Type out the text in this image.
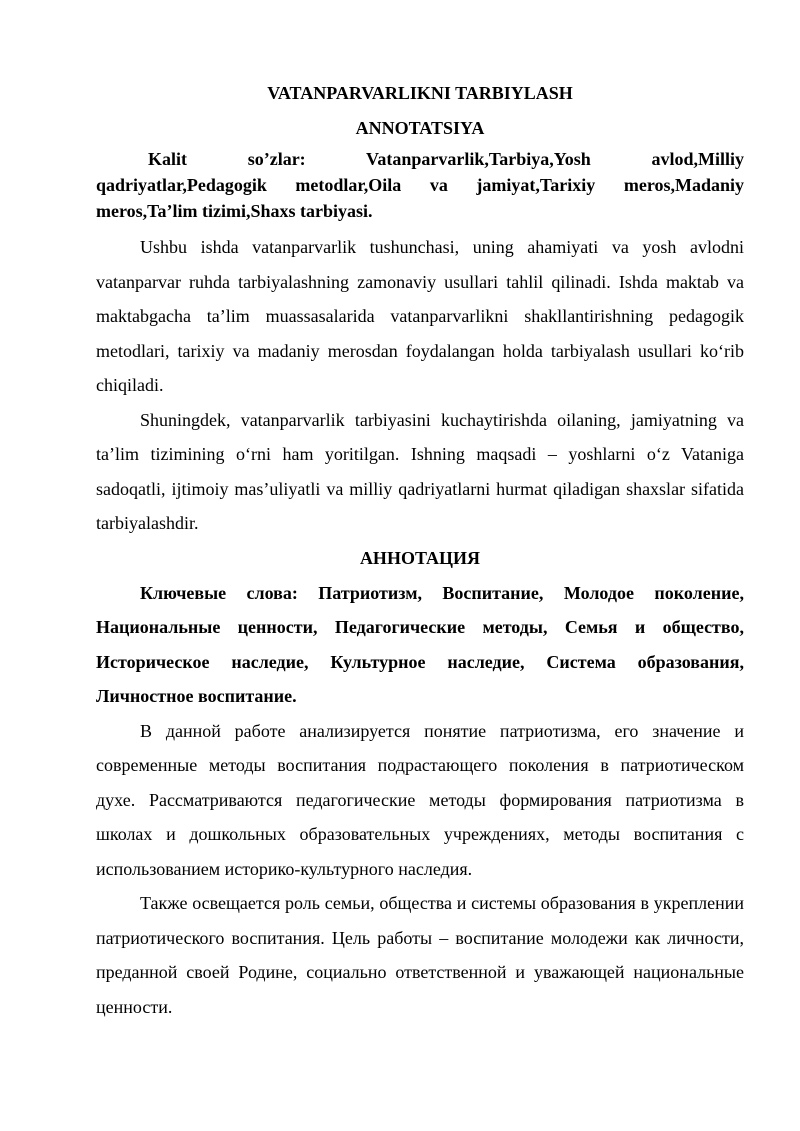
VATANPARVARLIKNI TARBIYLASH
ANNOTATSIYA

Kalit so’zlar: Vatanparvarlik,Tarbiya,Yosh avlod,Milliy qadriyatlar,Pedagogik metodlar,Oila va jamiyat,Tarixiy meros,Madaniy meros,Ta’lim tizimi,Shaxs tarbiyasi.

Ushbu ishda vatanparvarlik tushunchasi, uning ahamiyati va yosh avlodni vatanparvar ruhda tarbiyalashning zamonaviy usullari tahlil qilinadi. Ishda maktab va maktabgacha ta’lim muassasalarida vatanparvarlikni shakllantirishning pedagogik metodlari, tarixiy va madaniy merosdan foydalangan holda tarbiyalash usullari koʻrib chiqiladi.

Shuningdek, vatanparvarlik tarbiyasini kuchaytirishda oilaning, jamiyatning va ta’lim tizimining oʻrni ham yoritilgan. Ishning maqsadi – yoshlarni oʻz Vataniga sadoqatli, ijtimoiy mas’uliyatli va milliy qadriyatlarni hurmat qiladigan shaxslar sifatida tarbiyalashdir.

АННОТАЦИЯ

Ключевые слова: Патриотизм, Воспитание, Молодое поколение, Национальные ценности, Педагогические методы, Семья и общество, Историческое наследие, Культурное наследие, Система образования, Личностное воспитание.

В данной работе анализируется понятие патриотизма, его значение и современные методы воспитания подрастающего поколения в патриотическом духе. Рассматриваются педагогические методы формирования патриотизма в школах и дошкольных образовательных учреждениях, методы воспитания с использованием историко-культурного наследия.

Также освещается роль семьи, общества и системы образования в укреплении патриотического воспитания. Цель работы – воспитание молодежи как личности, преданной своей Родине, социально ответственной и уважающей национальные ценности.
